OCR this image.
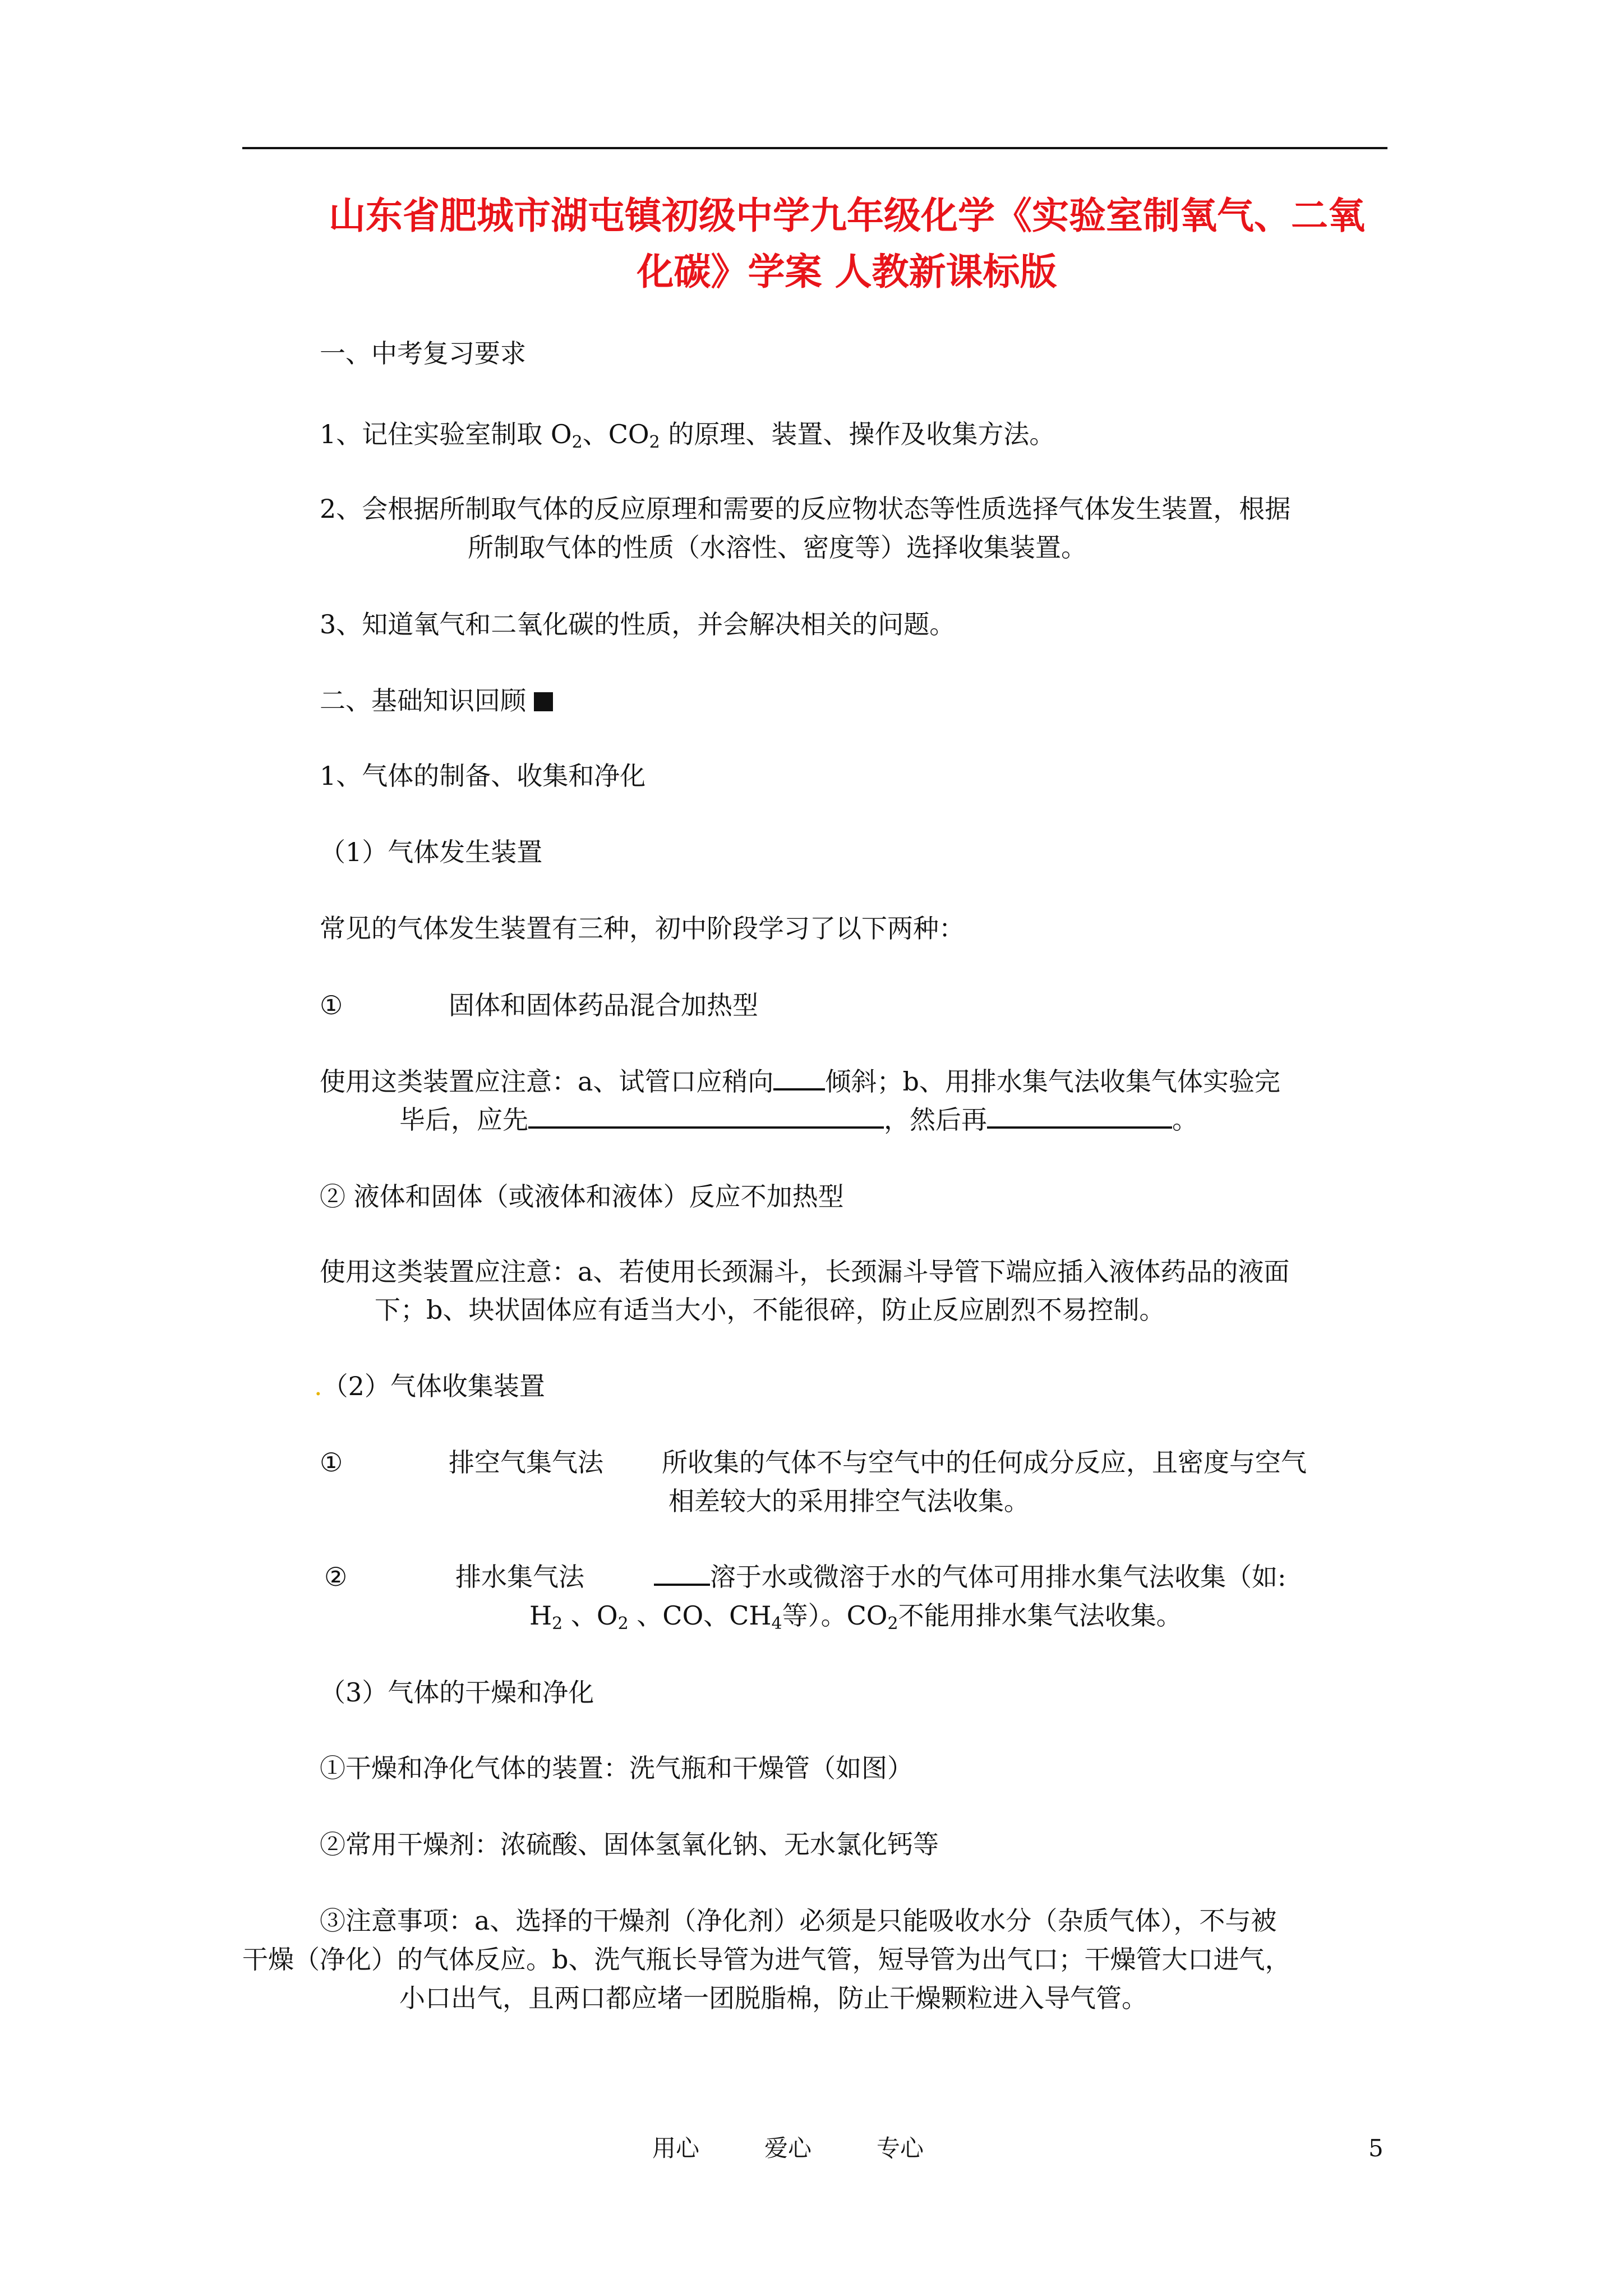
山东省肥城市湖屯镇初级中学九年级化学《实验室制氧气、二氧
化碳》学案 人教新课标版
一、中考复习要求
1、记住实验室制取 $O_2$、$CO_2$ 的原理、装置、操作及收集方法。
2、会根据所制取气体的反应原理和需要的反应物状态等性质选择气体发生装置，根据
所制取气体的性质（水溶性、密度等）选择收集装置。
3、知道氧气和二氧化碳的性质，并会解决相关的问题。
二、基础知识回顾
1、气体的制备、收集和净化
（1）气体发生装置
常见的气体发生装置有三种，初中阶段学习了以下两种：
①	固体和固体药品混合加热型
使用这类装置应注意：a、试管口应稍向 倾斜；b、用排水集气法收集气体实验完
毕后，应先	，然后再	。
② 液体和固体（或液体和液体）反应不加热型
使用这类装置应注意：a、若使用长颈漏斗，长颈漏斗导管下端应插入液体药品的液面
下；b、块状固体应有适当大小，不能很碎，防止反应剧烈不易控制。
.（2）气体收集装置
①	排空气集气法 所收集的气体不与空气中的任何成分反应，且密度与空气
相差较大的采用排空气法收集。
②	排水集气法	溶于水或微溶于水的气体可用排水集气法收集（如:
$H_2$ 、$O_2$ 、CO、$CH_4$等）。$CO_2$不能用排水集气法收集。
（3）气体的干燥和净化
①干燥和净化气体的装置：洗气瓶和干燥管（如图）
②常用干燥剂：浓硫酸、固体氢氧化钠、无水氯化钙等
③注意事项：a、选择的干燥剂（净化剂）必须是只能吸收水分（杂质气体），不与被
干燥（净化）的气体反应。b、洗气瓶长导管为进气管，短导管为出气口；干燥管大口进气，
小口出气，且两口都应堵一团脱脂棉，防止干燥颗粒进入导气管。
用心	爱心	专心	5
